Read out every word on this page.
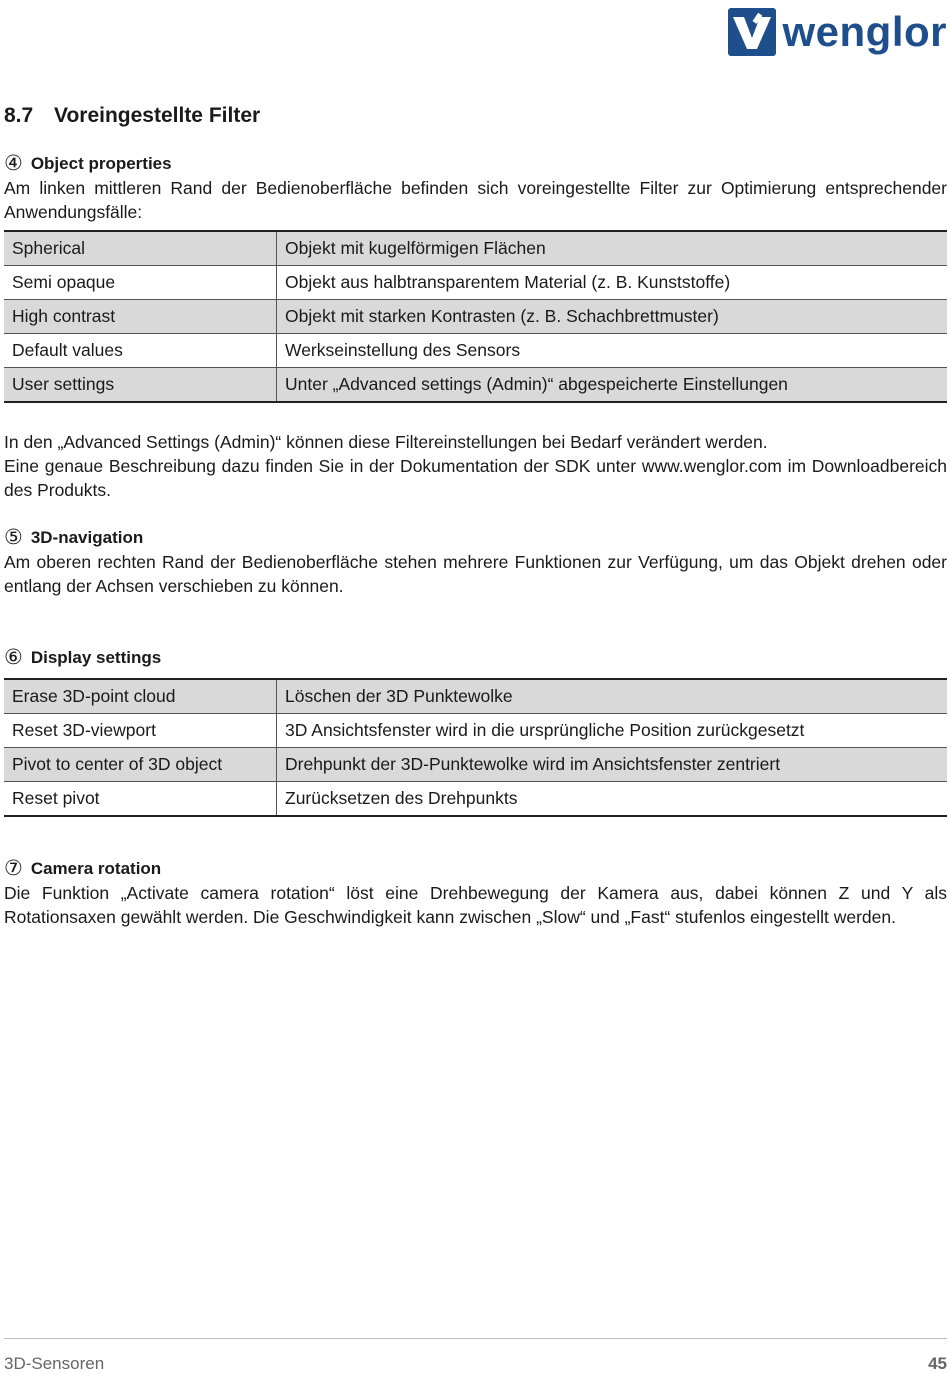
wenglor
8.7 Voreingestellte Filter
④ Object properties

Am linken mittleren Rand der Bedienoberfläche befinden sich voreingestellte Filter zur Optimierung entsprechender Anwendungsfälle:

Spherical	Objekt mit kugelförmigen Flächen
Semi opaque	Objekt aus halbtransparentem Material (z. B. Kunststoffe)
High contrast	Objekt mit starken Kontrasten (z. B. Schachbrettmuster)
Default values	Werkseinstellung des Sensors
User settings	Unter „Advanced settings (Admin)“ abgespeicherte Einstellungen

In den „Advanced Settings (Admin)“ können diese Filtereinstellungen bei Bedarf verändert werden.

Eine genaue Beschreibung dazu finden Sie in der Dokumentation der SDK unter www.wenglor.com im Downloadbereich des Produkts.

⑤ 3D-navigation

Am oberen rechten Rand der Bedienoberfläche stehen mehrere Funktionen zur Verfügung, um das Objekt drehen oder entlang der Achsen verschieben zu können.

⑥ Display settings
Erase 3D-point cloud	Löschen der 3D Punktewolke
Reset 3D-viewport	3D Ansichtsfenster wird in die ursprüngliche Position zurückgesetzt
Pivot to center of 3D object	Drehpunkt der 3D-Punktewolke wird im Ansichtsfenster zentriert
Reset pivot	Zurücksetzen des Drehpunkts
⑦ Camera rotation

Die Funktion „Activate camera rotation“ löst eine Drehbewegung der Kamera aus, dabei können Z und Y als Rotationsaxen gewählt werden. Die Geschwindigkeit kann zwischen „Slow“ und „Fast“ stufenlos eingestellt werden.

3D-Sensoren	45
